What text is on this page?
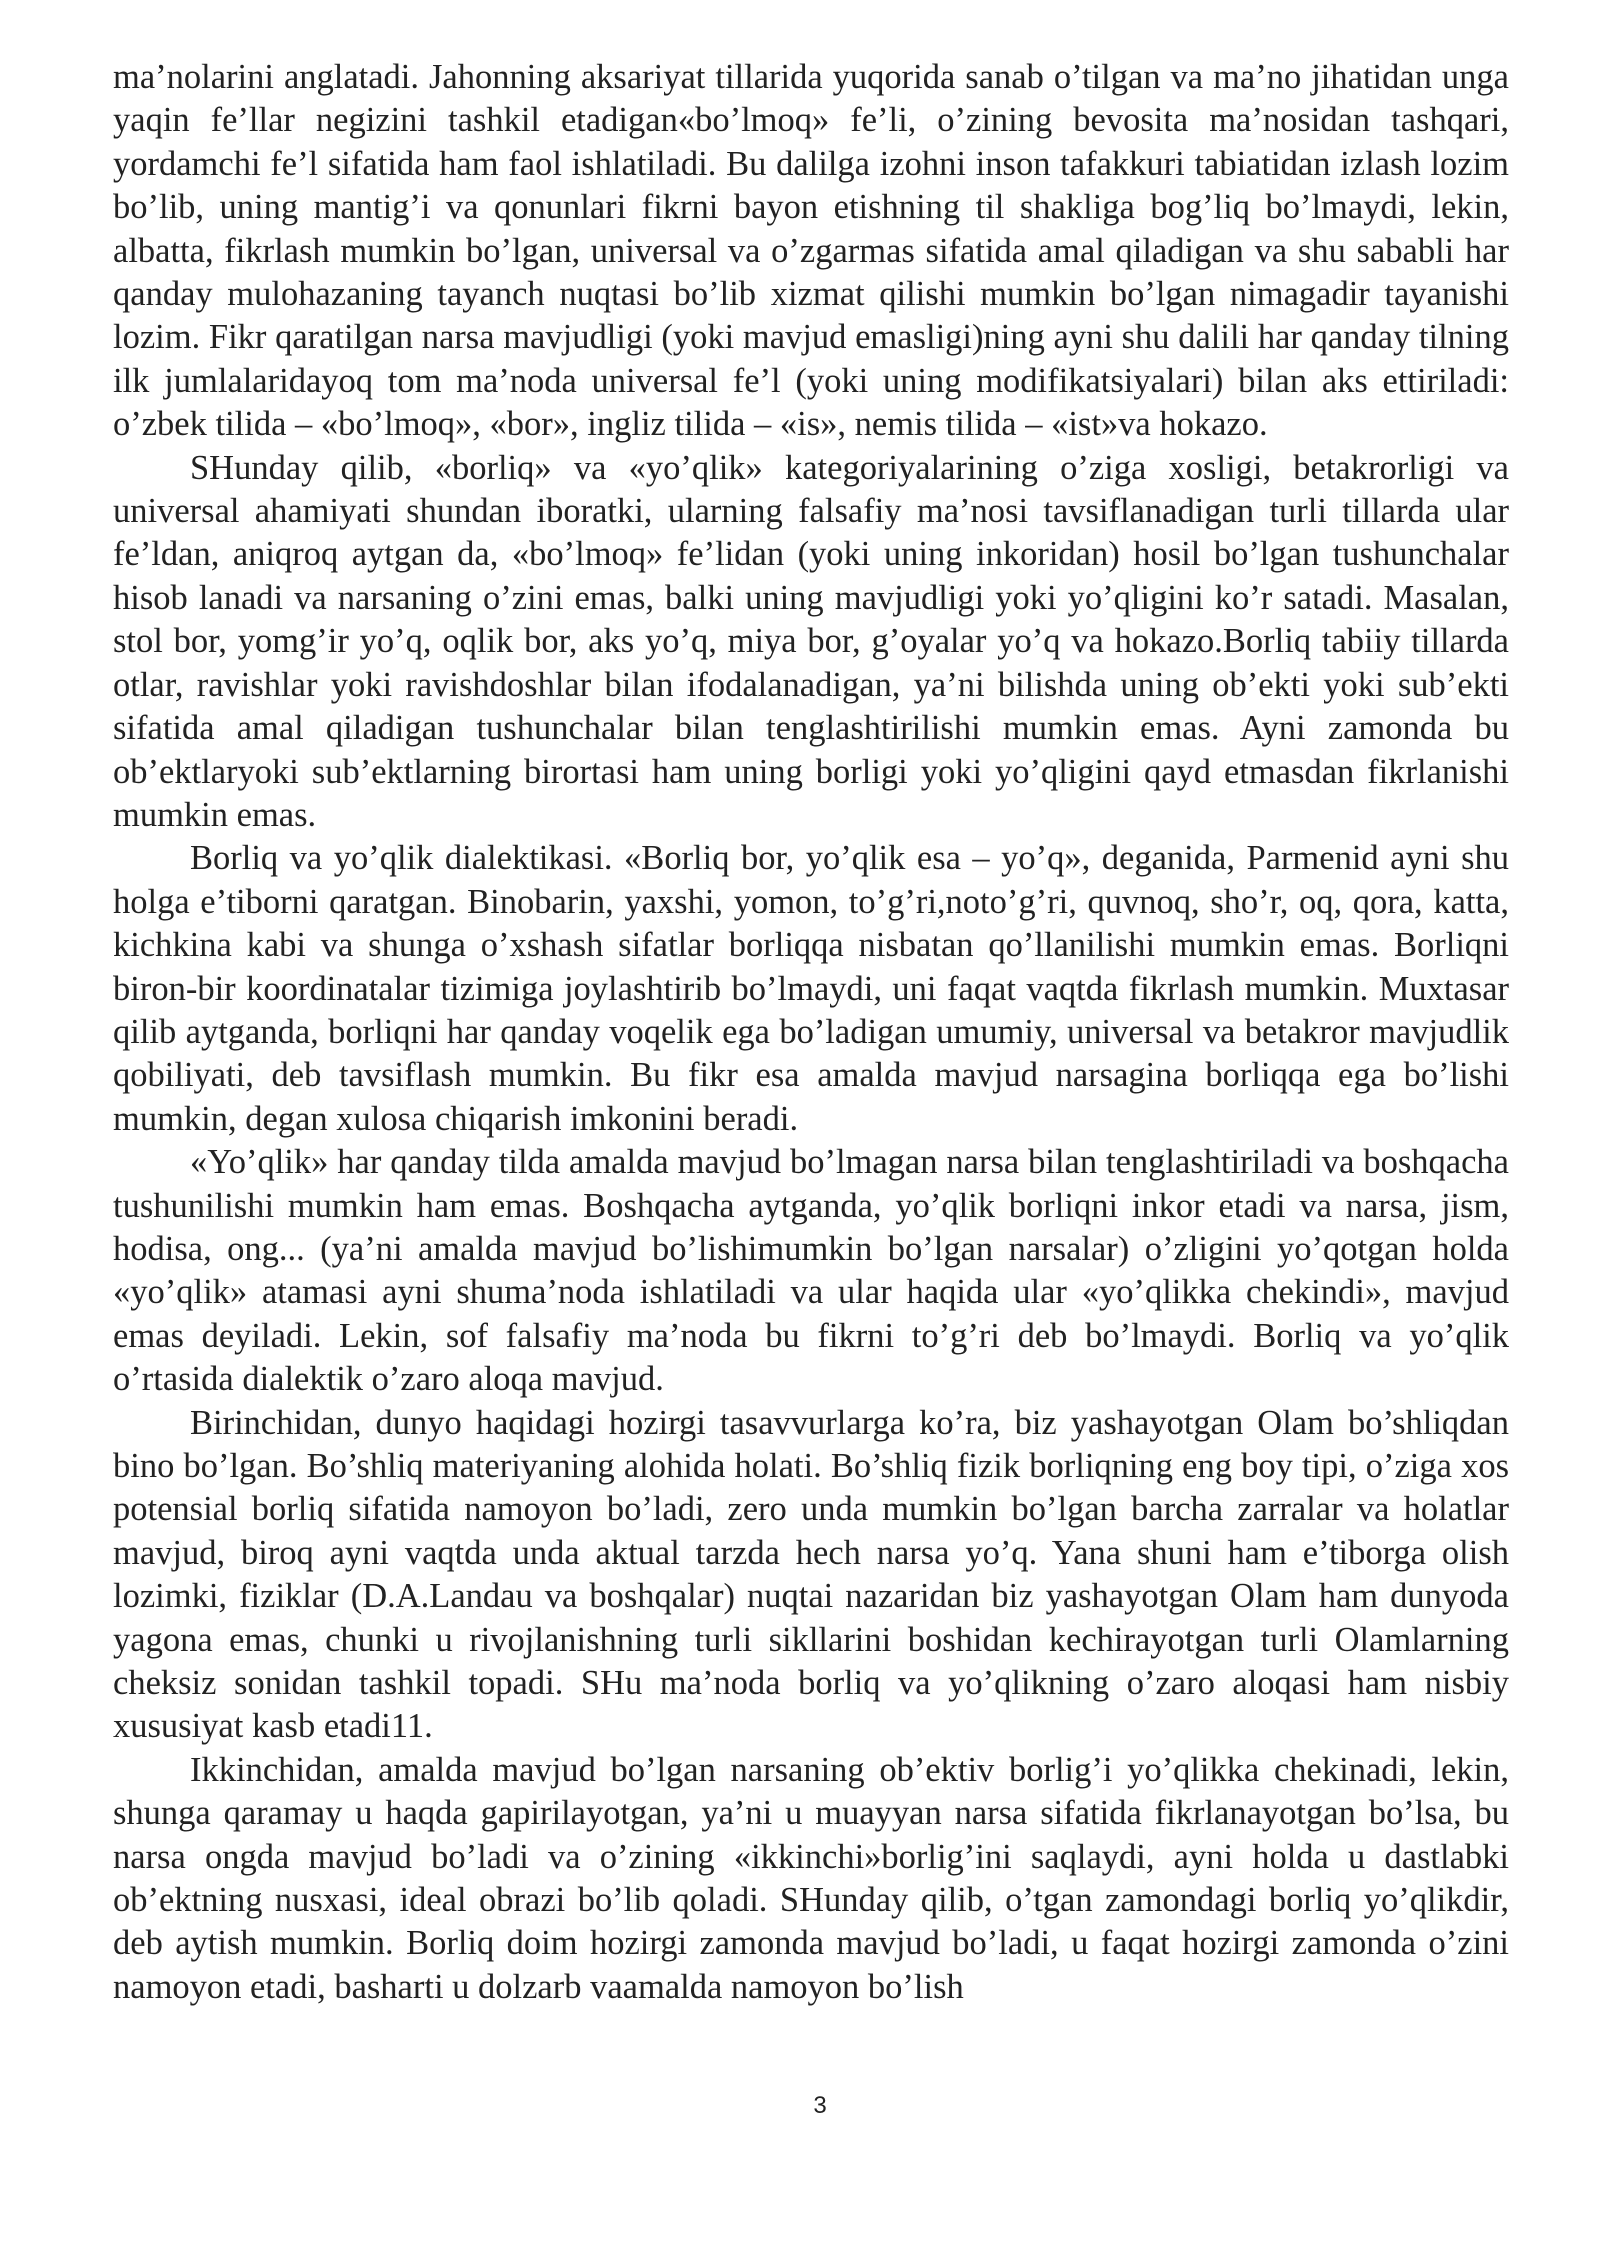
ma’nolarini anglatadi. Jahonning aksariyat tillarida yuqorida sanab o’tilgan va ma’no jihatidan unga yaqin fe’llar negizini tashkil etadigan«bo’lmoq» fe’li, o’zining bevosita ma’nosidan tashqari, yordamchi fe’l sifatida ham faol ishlatiladi. Bu dalilga izohni inson tafakkuri tabiatidan izlash lozim bo’lib, uning mantig’i va qonunlari fikrni bayon etishning til shakliga bog’liq bo’lmaydi, lekin, albatta, fikrlash mumkin bo’lgan, universal va o’zgarmas sifatida amal qiladigan va shu sababli har qanday mulohazaning tayanch nuqtasi bo’lib xizmat qilishi mumkin bo’lgan nimagadir tayanishi lozim. Fikr qaratilgan narsa mavjudligi (yoki mavjud emasligi)ning ayni shu dalili har qanday tilning ilk jumlalaridayoq tom ma’noda universal fe’l (yoki uning modifikatsiyalari) bilan aks ettiriladi: o’zbek tilida – «bo’lmoq», «bor», ingliz tilida – «is», nemis tilida – «ist»va hokazo.

SHunday qilib, «borliq» va «yo’qlik» kategoriyalarining o’ziga xosligi, betakrorligi va universal ahamiyati shundan iboratki, ularning falsafiy ma’nosi tavsiflanadigan turli tillarda ular fe’ldan, aniqroq aytgan da, «bo’lmoq» fe’lidan (yoki uning inkoridan) hosil bo’lgan tushunchalar hisob lanadi va narsaning o’zini emas, balki uning mavjudligi yoki yo’qligini ko’r satadi. Masalan, stol bor, yomg’ir yo’q, oqlik bor, aks yo’q, miya bor, g’oyalar yo’q va hokazo.Borliq tabiiy tillarda otlar, ravishlar yoki ravishdoshlar bilan ifodalanadigan, ya’ni bilishda uning ob’ekti yoki sub’ekti sifatida amal qiladigan tushunchalar bilan tenglashtirilishi mumkin emas. Ayni zamonda bu ob’ektlaryoki sub’ektlarning birortasi ham uning borligi yoki yo’qligini qayd etmasdan fikrlanishi mumkin emas.

Borliq va yo’qlik dialektikasi. «Borliq bor, yo’qlik esa – yo’q», deganida, Parmenid ayni shu holga e’tiborni qaratgan. Binobarin, yaxshi, yomon, to’g’ri,noto’g’ri, quvnoq, sho’r, oq, qora, katta, kichkina kabi va shunga o’xshash sifatlar borliqqa nisbatan qo’llanilishi mumkin emas. Borliqni biron-bir koordinatalar tizimiga joylashtirib bo’lmaydi, uni faqat vaqtda fikrlash mumkin. Muxtasar qilib aytganda, borliqni har qanday voqelik ega bo’ladigan umumiy, universal va betakror mavjudlik qobiliyati, deb tavsiflash mumkin. Bu fikr esa amalda mavjud narsagina borliqqa ega bo’lishi mumkin, degan xulosa chiqarish imkonini beradi.

«Yo’qlik» har qanday tilda amalda mavjud bo’lmagan narsa bilan tenglashtiriladi va boshqacha tushunilishi mumkin ham emas. Boshqacha aytganda, yo’qlik borliqni inkor etadi va narsa, jism, hodisa, ong... (ya’ni amalda mavjud bo’lishimumkin bo’lgan narsalar) o’zligini yo’qotgan holda «yo’qlik» atamasi ayni shuma’noda ishlatiladi va ular haqida ular «yo’qlikka chekindi», mavjud emas deyiladi. Lekin, sof falsafiy ma’noda bu fikrni to’g’ri deb bo’lmaydi. Borliq va yo’qlik o’rtasida dialektik o’zaro aloqa mavjud.

Birinchidan, dunyo haqidagi hozirgi tasavvurlarga ko’ra, biz yashayotgan Olam bo’shliqdan bino bo’lgan. Bo’shliq materiyaning alohida holati. Bo’shliq fizik borliqning eng boy tipi, o’ziga xos potensial borliq sifatida namoyon bo’ladi, zero unda mumkin bo’lgan barcha zarralar va holatlar mavjud, biroq ayni vaqtda unda aktual tarzda hech narsa yo’q. Yana shuni ham e’tiborga olish lozimki, fiziklar (D.A.Landau va boshqalar) nuqtai nazaridan biz yashayotgan Olam ham dunyoda yagona emas, chunki u rivojlanishning turli sikllarini boshidan kechirayotgan turli Olamlarning cheksiz sonidan tashkil topadi. SHu ma’noda borliq va yo’qlikning o’zaro aloqasi ham nisbiy xususiyat kasb etadi11.

Ikkinchidan, amalda mavjud bo’lgan narsaning ob’ektiv borlig’i yo’qlikka chekinadi, lekin, shunga qaramay u haqda gapirilayotgan, ya’ni u muayyan narsa sifatida fikrlanayotgan bo’lsa, bu narsa ongda mavjud bo’ladi va o’zining «ikkinchi»borlig’ini saqlaydi, ayni holda u dastlabki ob’ektning nusxasi, ideal obrazi bo’lib qoladi. SHunday qilib, o’tgan zamondagi borliq yo’qlikdir, deb aytish mumkin. Borliq doim hozirgi zamonda mavjud bo’ladi, u faqat hozirgi zamonda o’zini namoyon etadi, basharti u dolzarb vaamalda namoyon bo’lish

3
